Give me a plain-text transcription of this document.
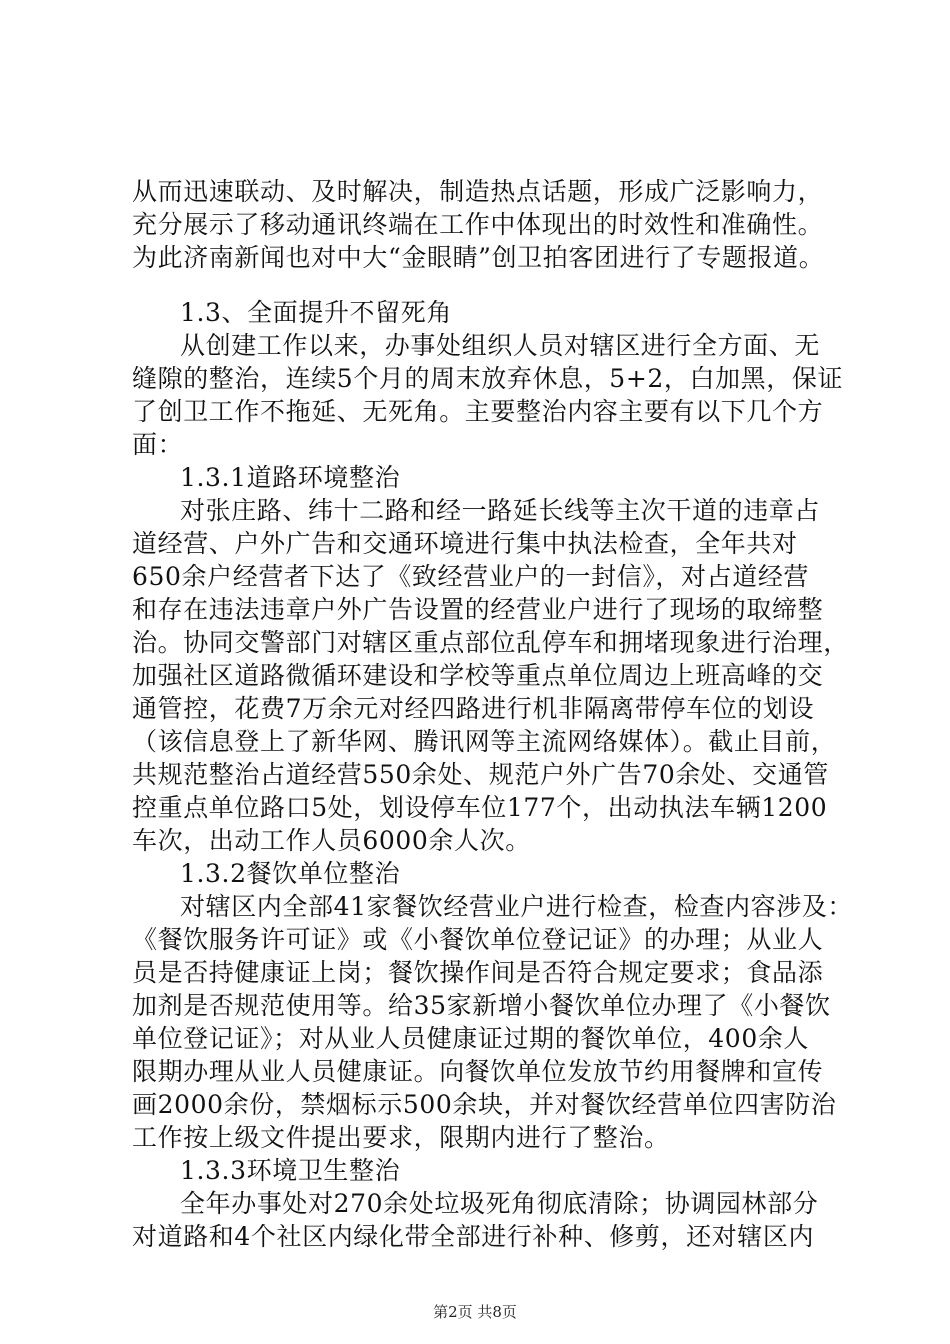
从而迅速联动、及时解决，制造热点话题，形成广泛影响力，
充分展示了移动通讯终端在工作中体现出的时效性和准确性。
为此济南新闻也对中大“金眼睛”创卫拍客团进行了专题报道。
1.3、全面提升不留死角
从创建工作以来，办事处组织人员对辖区进行全方面、无
缝隙的整治，连续5个月的周末放弃休息，5+2，白加黑，保证
了创卫工作不拖延、无死角。主要整治内容主要有以下几个方
面：
1.3.1道路环境整治
对张庄路、纬十二路和经一路延长线等主次干道的违章占
道经营、户外广告和交通环境进行集中执法检查，全年共对
650余户经营者下达了《致经营业户的一封信》，对占道经营
和存在违法违章户外广告设置的经营业户进行了现场的取缔整
治。协同交警部门对辖区重点部位乱停车和拥堵现象进行治理，
加强社区道路微循环建设和学校等重点单位周边上班高峰的交
通管控，花费7万余元对经四路进行机非隔离带停车位的划设
（该信息登上了新华网、腾讯网等主流网络媒体）。截止目前，
共规范整治占道经营550余处、规范户外广告70余处、交通管
控重点单位路口5处，划设停车位177个，出动执法车辆1200
车次，出动工作人员6000余人次。
1.3.2餐饮单位整治
对辖区内全部41家餐饮经营业户进行检查，检查内容涉及：
《餐饮服务许可证》或《小餐饮单位登记证》的办理；从业人
员是否持健康证上岗；餐饮操作间是否符合规定要求；食品添
加剂是否规范使用等。给35家新增小餐饮单位办理了《小餐饮
单位登记证》；对从业人员健康证过期的餐饮单位，400余人
限期办理从业人员健康证。向餐饮单位发放节约用餐牌和宣传
画2000余份，禁烟标示500余块，并对餐饮经营单位四害防治
工作按上级文件提出要求，限期内进行了整治。
1.3.3环境卫生整治
全年办事处对270余处垃圾死角彻底清除；协调园林部分
对道路和4个社区内绿化带全部进行补种、修剪，还对辖区内
第2页 共8页
